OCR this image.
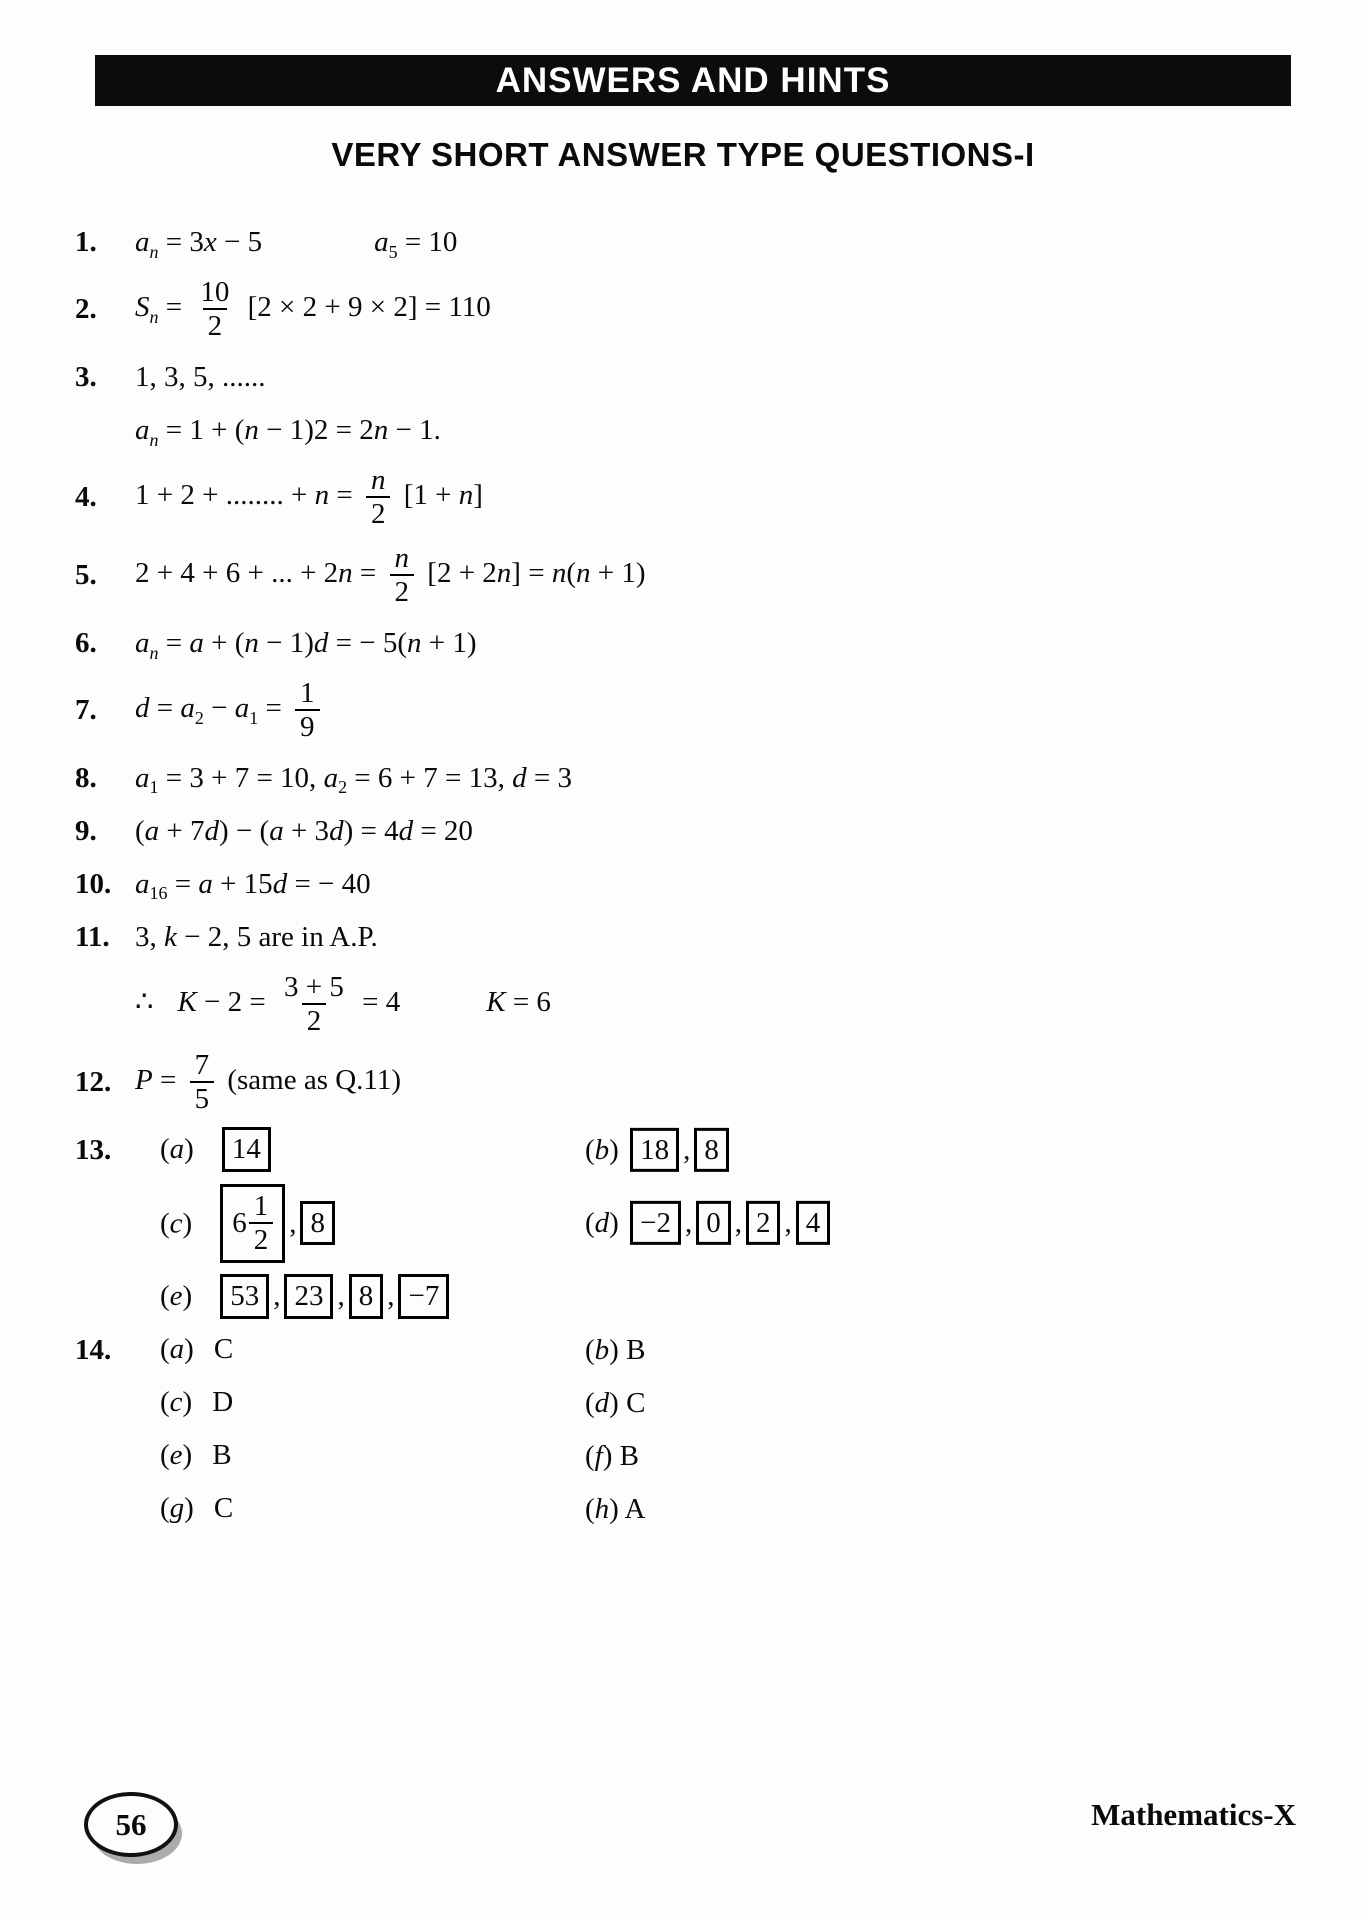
ANSWERS AND HINTS
VERY SHORT ANSWER TYPE QUESTIONS-I
1. $a_n = 3x - 5$	$a_5 = 10$
2. $S_n = \frac{10}{2} [2 \times 2 + 9 \times 2] = 110$
3. 1, 3, 5, ......
$a_n = 1 + (n - 1)2 = 2n - 1$.
4. 1 + 2 + ........ + $n = \frac{n}{2} [1 + n]$
5. 2 + 4 + 6 + ... + $2n = \frac{n}{2} [2 + 2n] = n(n + 1)$
6. $a_n = a + (n - 1)d$ = − 5(n + 1)
7. $d = a_2 - a_1 = \frac{1}{9}$
8. $a_1 = 3 + 7 = 10$, $a_2 = 6 + 7 = 13$, d = 3
9. (a + 7d) − (a + 3d) = 4d = 20
10. $a_{16} = a + 15d$ = − 40
11. 3, k − 2, 5 are in A.P.
∴ $K - 2 = \frac{3 + 5}{2} = 4$	K = 6
12. $P = \frac{7}{5}$ (same as Q.11)
13.	(a) 14	(b) 18 , 8
(c) $6 \frac{1}{2}$ , 8	(d) −2 , 0 , 2 , 4
(e) 53 , 23 , 8 , −7
14.	(a) C	(b) B
(c) D	(d) C
(e) B	(f) B
(g) C	(h) A
56	Mathematics-X
